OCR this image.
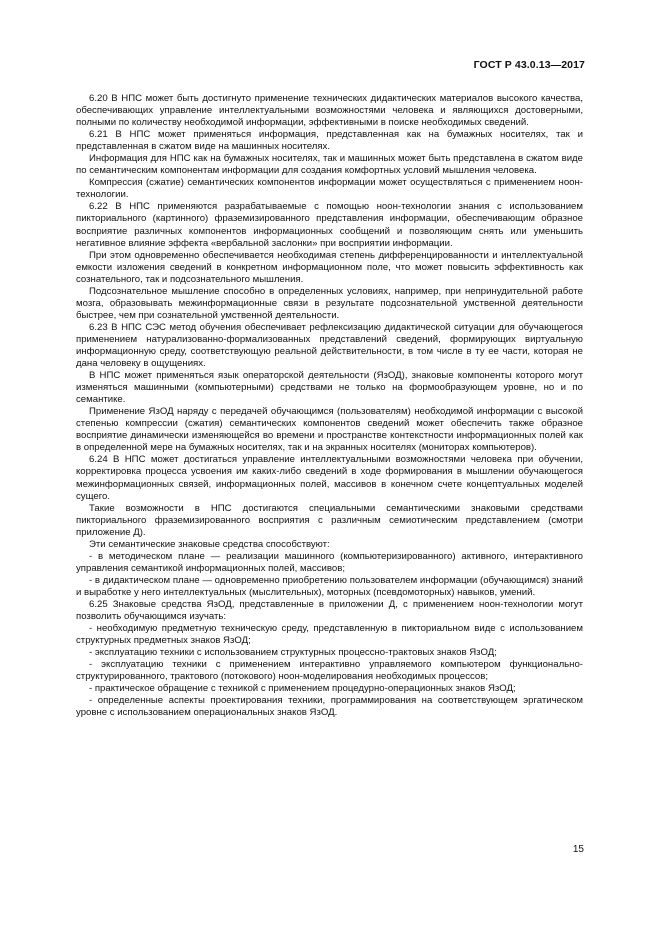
ГОСТ Р 43.0.13—2017

6.20 В НПС может быть достигнуто применение технических дидактических материалов высокого качества, обеспечивающих управление интеллектуальными возможностями человека и являющихся достоверными, полными по количеству необходимой информации, эффективными в поиске необходимых сведений.

6.21 В НПС может применяться информация, представленная как на бумажных носителях, так и представленная в сжатом виде на машинных носителях.

Информация для НПС как на бумажных носителях, так и машинных может быть представлена в сжатом виде по семантическим компонентам информации для создания комфортных условий мышления человека.

Компрессия (сжатие) семантических компонентов информации может осуществляться с применением ноон-технологии.

6.22 В НПС применяются разрабатываемые с помощью ноон-технологии знания с использованием пикториального (картинного) фраземизированного представления информации, обеспечивающим образное восприятие различных компонентов информационных сообщений и позволяющим снять или уменьшить негативное влияние эффекта «вербальной заслонки» при восприятии информации.

При этом одновременно обеспечивается необходимая степень дифференцированности и интеллектуальной емкости изложения сведений в конкретном информационном поле, что может повысить эффективность как сознательного, так и подсознательного мышления.

Подсознательное мышление способно в определенных условиях, например, при непринудительной работе мозга, образовывать межинформационные связи в результате подсознательной умственной деятельности быстрее, чем при сознательной умственной деятельности.

6.23 В НПС СЭС метод обучения обеспечивает рефлексизацию дидактической ситуации для обучающегося применением натурализованно-формализованных представлений сведений, формирующих виртуальную информационную среду, соответствующую реальной действительности, в том числе в ту ее части, которая не дана человеку в ощущениях.

В НПС может применяться язык операторской деятельности (ЯзОД), знаковые компоненты которого могут изменяться машинными (компьютерными) средствами не только на формообразующем уровне, но и по семантике.

Применение ЯзОД наряду с передачей обучающимся (пользователям) необходимой информации с высокой степенью компрессии (сжатия) семантических компонентов сведений может обеспечить также образное восприятие динамически изменяющейся во времени и пространстве контекстности информационных полей как в определенной мере на бумажных носителях, так и на экранных носителях (мониторах компьютеров).

6.24 В НПС может достигаться управление интеллектуальными возможностями человека при обучении, корректировка процесса усвоения им каких-либо сведений в ходе формирования в мышлении обучающегося межинформационных связей, информационных полей, массивов в конечном счете концептуальных моделей сущего.

Такие возможности в НПС достигаются специальными семантическими знаковыми средствами пикториального фраземизированного восприятия с различным семиотическим представлением (смотри приложение Д).

Эти семантические знаковые средства способствуют:

- в методическом плане — реализации машинного (компьютеризированного) активного, интерактивного управления семантикой информационных полей, массивов;

- в дидактическом плане — одновременно приобретению пользователем информации (обучающимся) знаний и выработке у него интеллектуальных (мыслительных), моторных (псевдомоторных) навыков, умений.

6.25 Знаковые средства ЯзОД, представленные в приложении Д, с применением ноон-технологии могут позволить обучающимся изучать:

- необходимую предметную техническую среду, представленную в пикториальном виде с использованием структурных предметных знаков ЯзОД;

- эксплуатацию техники с использованием структурных процессно-трактовых знаков ЯзОД;

- эксплуатацию техники с применением интерактивно управляемого компьютером функционально-структурированного, трактового (потокового) ноон-моделирования необходимых процессов;

- практическое обращение с техникой с применением процедурно-операционных знаков ЯзОД;

- определенные аспекты проектирования техники, программирования на соответствующем эргатическом уровне с использованием операциональных знаков ЯзОД.

15
